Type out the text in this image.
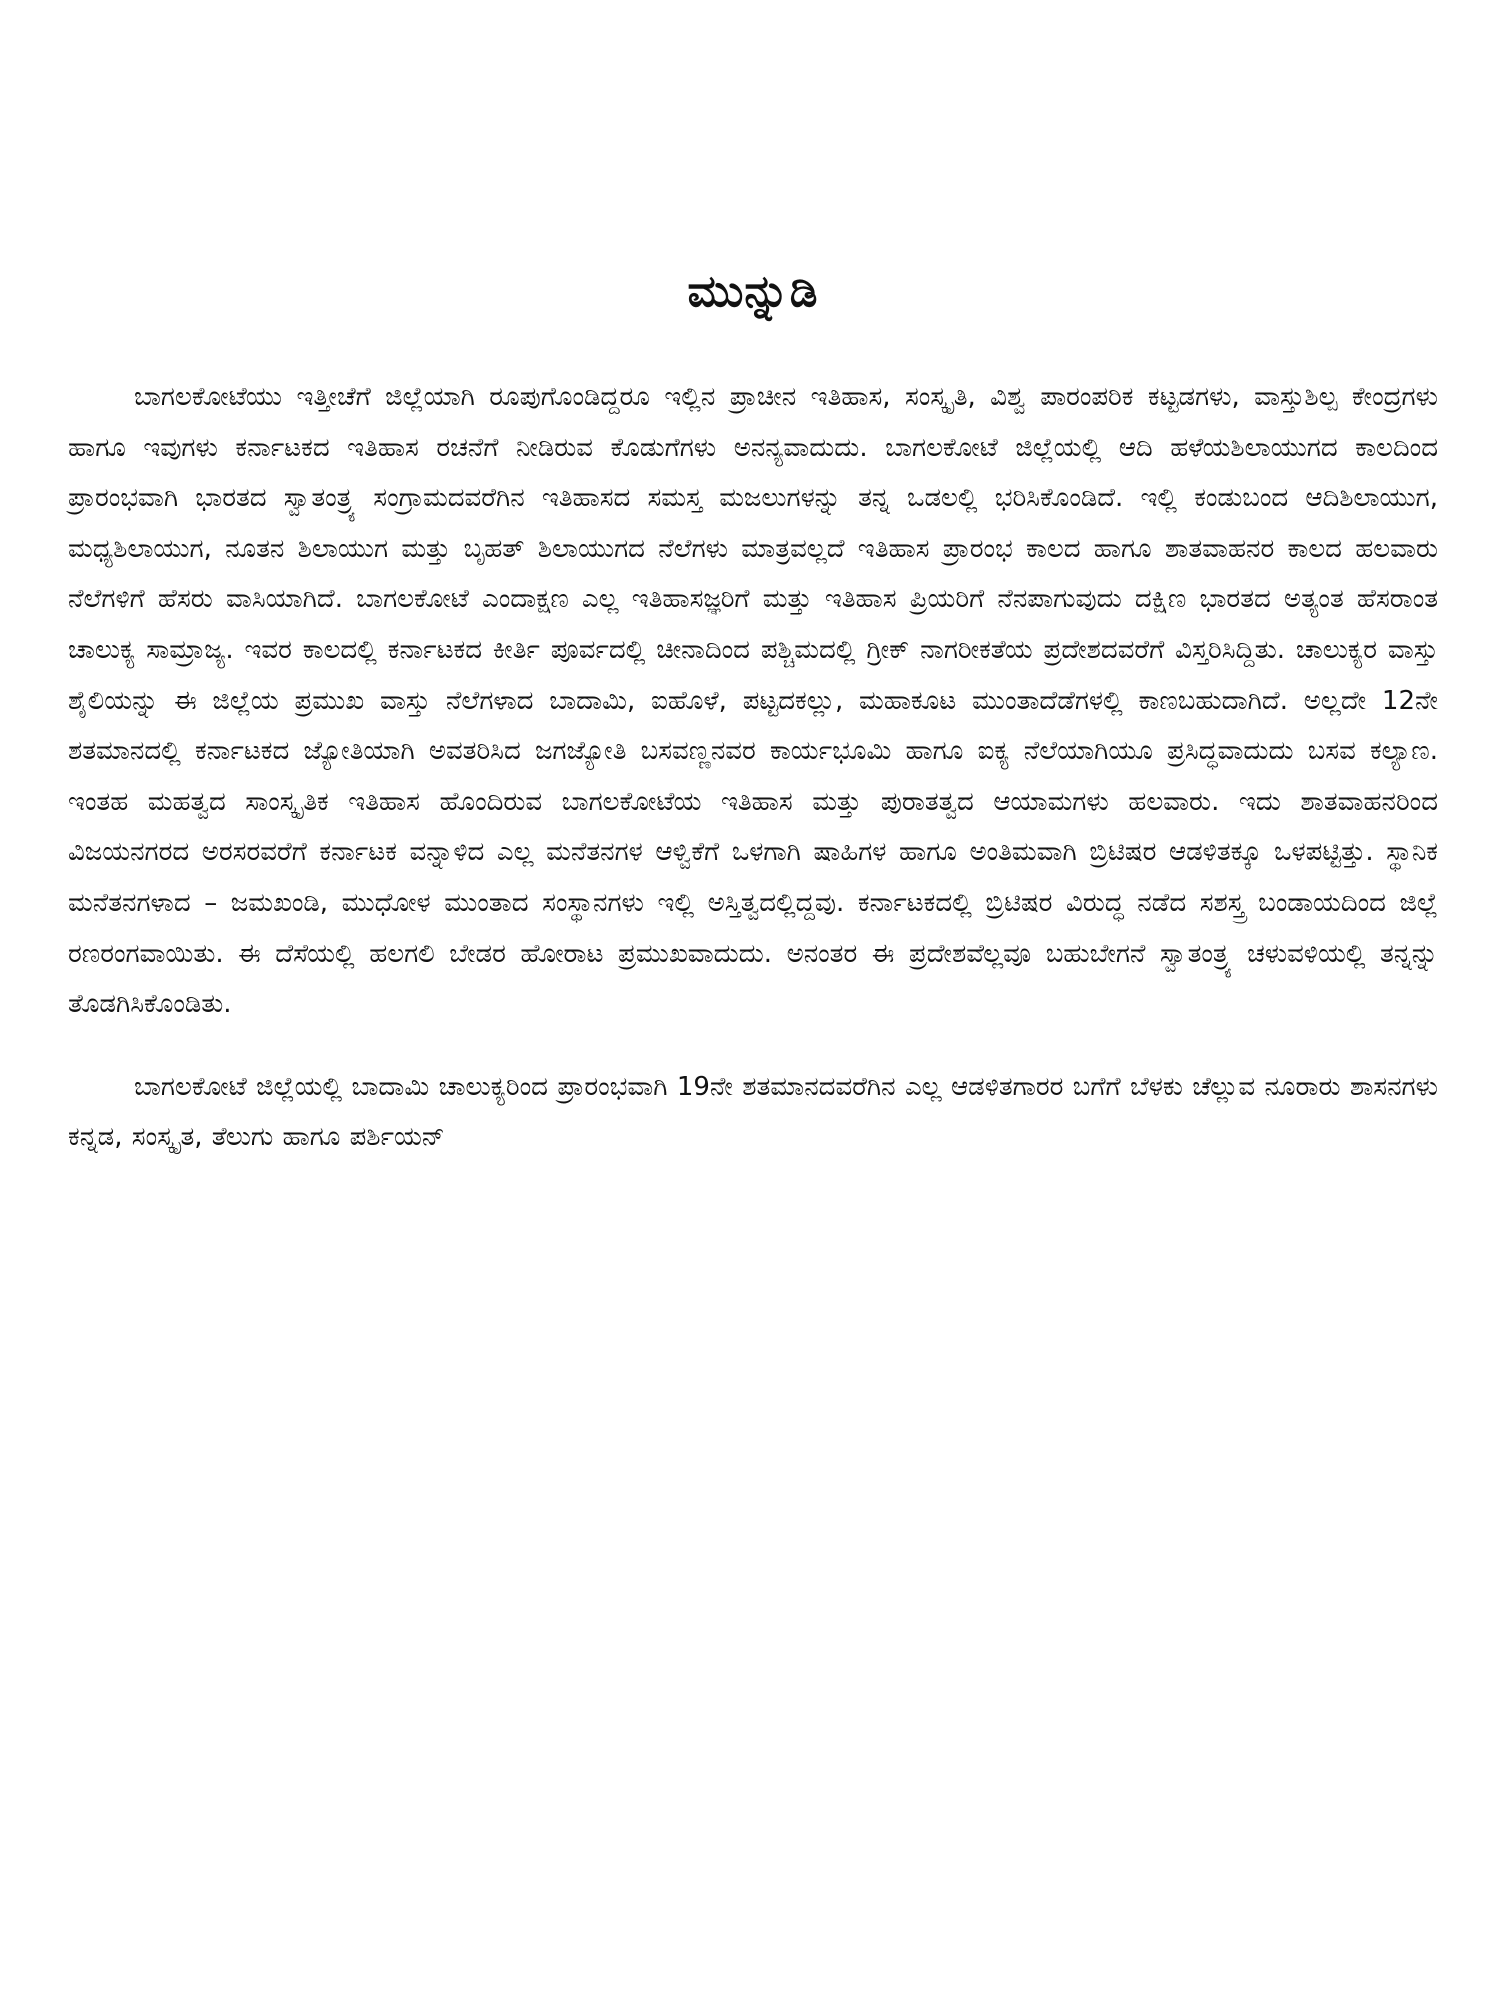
ಮುನ್ನುಡಿ

ಬಾಗಲಕೋಟೆಯು ಇತ್ತೀಚೆಗೆ ಜಿಲ್ಲೆಯಾಗಿ ರೂಪುಗೊಂಡಿದ್ದರೂ ಇಲ್ಲಿನ ಪ್ರಾಚೀನ ಇತಿಹಾಸ, ಸಂಸ್ಕೃತಿ, ವಿಶ್ವ ಪಾರಂಪರಿಕ ಕಟ್ಟಡಗಳು, ವಾಸ್ತುಶಿಲ್ಪ ಕೇಂದ್ರಗಳು ಹಾಗೂ ಇವುಗಳು ಕರ್ನಾಟಕದ ಇತಿಹಾಸ ರಚನೆಗೆ ನೀಡಿರುವ ಕೊಡುಗೆಗಳು ಅನನ್ಯವಾದುದು. ಬಾಗಲಕೋಟೆ ಜಿಲ್ಲೆಯಲ್ಲಿ ಆದಿ ಹಳೆಯಶಿಲಾಯುಗದ ಕಾಲದಿಂದ ಪ್ರಾರಂಭವಾಗಿ ಭಾರತದ ಸ್ವಾತಂತ್ರ್ಯ ಸಂಗ್ರಾಮದವರೆಗಿನ ಇತಿಹಾಸದ ಸಮಸ್ತ ಮಜಲುಗಳನ್ನು ತನ್ನ ಒಡಲಲ್ಲಿ ಭರಿಸಿಕೊಂಡಿದೆ. ಇಲ್ಲಿ ಕಂಡುಬಂದ ಆದಿಶಿಲಾಯುಗ, ಮಧ್ಯಶಿಲಾಯುಗ, ನೂತನ ಶಿಲಾಯುಗ ಮತ್ತು ಬೃಹತ್ ಶಿಲಾಯುಗದ ನೆಲೆಗಳು ಮಾತ್ರವಲ್ಲದೆ ಇತಿಹಾಸ ಪ್ರಾರಂಭ ಕಾಲದ ಹಾಗೂ ಶಾತವಾಹನರ ಕಾಲದ ಹಲವಾರು ನೆಲೆಗಳಿಗೆ ಹೆಸರು ವಾಸಿಯಾಗಿದೆ. ಬಾಗಲಕೋಟೆ ಎಂದಾಕ್ಷಣ ಎಲ್ಲ ಇತಿಹಾಸಜ್ಞರಿಗೆ ಮತ್ತು ಇತಿಹಾಸ ಪ್ರಿಯರಿಗೆ ನೆನಪಾಗುವುದು ದಕ್ಷಿಣ ಭಾರತದ ಅತ್ಯಂತ ಹೆಸರಾಂತ ಚಾಲುಕ್ಯ ಸಾಮ್ರಾಜ್ಯ. ಇವರ ಕಾಲದಲ್ಲಿ ಕರ್ನಾಟಕದ ಕೀರ್ತಿ ಪೂರ್ವದಲ್ಲಿ ಚೀನಾದಿಂದ ಪಶ್ಚಿಮದಲ್ಲಿ ಗ್ರೀಕ್ ನಾಗರೀಕತೆಯ ಪ್ರದೇಶದವರೆಗೆ ವಿಸ್ತರಿಸಿದ್ದಿತು. ಚಾಲುಕ್ಯರ ವಾಸ್ತು ಶೈಲಿಯನ್ನು ಈ ಜಿಲ್ಲೆಯ ಪ್ರಮುಖ ವಾಸ್ತು ನೆಲೆಗಳಾದ ಬಾದಾಮಿ, ಐಹೊಳೆ, ಪಟ್ಟದಕಲ್ಲು, ಮಹಾಕೂಟ ಮುಂತಾದೆಡೆಗಳಲ್ಲಿ ಕಾಣಬಹುದಾಗಿದೆ. ಅಲ್ಲದೇ 12ನೇ ಶತಮಾನದಲ್ಲಿ ಕರ್ನಾಟಕದ ಜ್ಯೋತಿಯಾಗಿ ಅವತರಿಸಿದ ಜಗಜ್ಯೋತಿ ಬಸವಣ್ಣನವರ ಕಾರ್ಯಭೂಮಿ ಹಾಗೂ ಐಕ್ಯ ನೆಲೆಯಾಗಿಯೂ ಪ್ರಸಿದ್ಧವಾದುದು ಬಸವ ಕಲ್ಯಾಣ. ಇಂತಹ ಮಹತ್ವದ ಸಾಂಸ್ಕೃತಿಕ ಇತಿಹಾಸ ಹೊಂದಿರುವ ಬಾಗಲಕೋಟೆಯ ಇತಿಹಾಸ ಮತ್ತು ಪುರಾತತ್ವದ ಆಯಾಮಗಳು ಹಲವಾರು. ಇದು ಶಾತವಾಹನರಿಂದ ವಿಜಯನಗರದ ಅರಸರವರೆಗೆ ಕರ್ನಾಟಕ ವನ್ನಾಳಿದ ಎಲ್ಲ ಮನೆತನಗಳ ಆಳ್ವಿಕೆಗೆ ಒಳಗಾಗಿ ಷಾಹಿಗಳ ಹಾಗೂ ಅಂತಿಮವಾಗಿ ಬ್ರಿಟಿಷರ ಆಡಳಿತಕ್ಕೂ ಒಳಪಟ್ಟಿತ್ತು. ಸ್ಥಾನಿಕ ಮನೆತನಗಳಾದ – ಜಮಖಂಡಿ, ಮುಧೋಳ ಮುಂತಾದ ಸಂಸ್ಥಾನಗಳು ಇಲ್ಲಿ ಅಸ್ತಿತ್ವದಲ್ಲಿದ್ದವು. ಕರ್ನಾಟಕದಲ್ಲಿ ಬ್ರಿಟಿಷರ ವಿರುದ್ಧ ನಡೆದ ಸಶಸ್ತ್ರ ಬಂಡಾಯದಿಂದ ಜಿಲ್ಲೆ ರಣರಂಗವಾಯಿತು. ಈ ದೆಸೆಯಲ್ಲಿ ಹಲಗಲಿ ಬೇಡರ ಹೋರಾಟ ಪ್ರಮುಖವಾದುದು. ಅನಂತರ ಈ ಪ್ರದೇಶವೆಲ್ಲವೂ ಬಹುಬೇಗನೆ ಸ್ವಾತಂತ್ರ್ಯ ಚಳುವಳಿಯಲ್ಲಿ ತನ್ನನ್ನು ತೊಡಗಿಸಿಕೊಂಡಿತು.

ಬಾಗಲಕೋಟೆ ಜಿಲ್ಲೆಯಲ್ಲಿ ಬಾದಾಮಿ ಚಾಲುಕ್ಯರಿಂದ ಪ್ರಾರಂಭವಾಗಿ 19ನೇ ಶತಮಾನದವರೆಗಿನ ಎಲ್ಲ ಆಡಳಿತಗಾರರ ಬಗೆಗೆ ಬೆಳಕು ಚೆಲ್ಲುವ ನೂರಾರು ಶಾಸನಗಳು ಕನ್ನಡ, ಸಂಸ್ಕೃತ, ತೆಲುಗು ಹಾಗೂ ಪರ್ಶಿಯನ್
